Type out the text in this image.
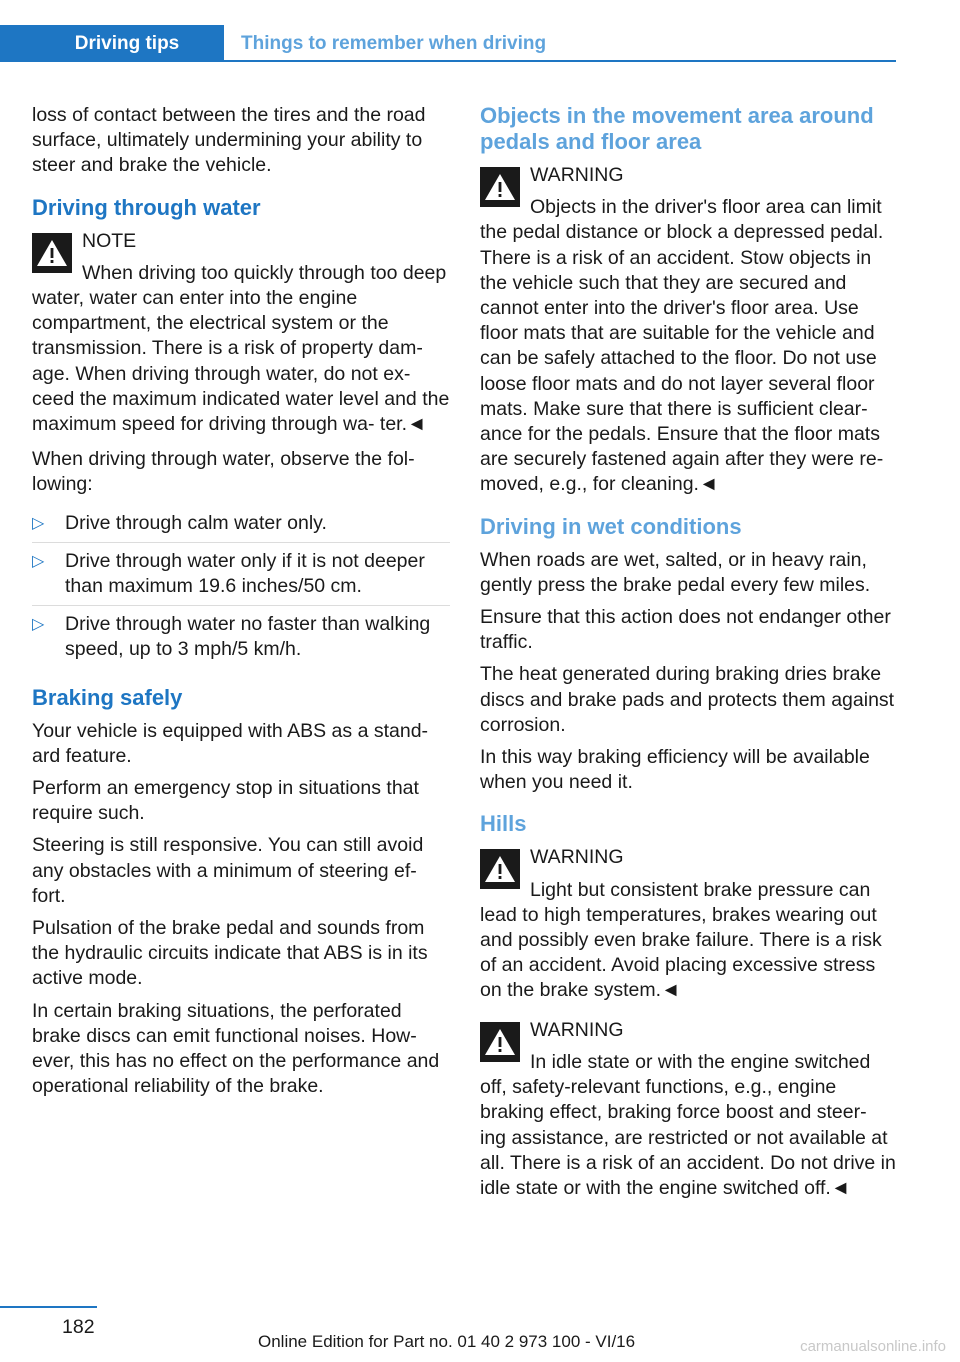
Driving tips	Things to remember when driving

loss of contact between the tires and the road surface, ultimately undermining your ability to steer and brake the vehicle.

Driving through water
NOTE
When driving too quickly through too deep water, water can enter into the engine compartment, the electrical system or the transmission. There is a risk of property dam‐ age. When driving through water, do not ex‐ ceed the maximum indicated water level and the maximum speed for driving through wa‐ ter.◄

When driving through water, observe the fol‐ lowing:

▷ Drive through calm water only.
▷ Drive through water only if it is not deeper than maximum 19.6 inches/50 cm.
▷ Drive through water no faster than walking speed, up to 3 mph/5 km/h.
Braking safely

Your vehicle is equipped with ABS as a stand‐ ard feature.

Perform an emergency stop in situations that require such.

Steering is still responsive. You can still avoid any obstacles with a minimum of steering ef‐ fort.

Pulsation of the brake pedal and sounds from the hydraulic circuits indicate that ABS is in its active mode.

In certain braking situations, the perforated brake discs can emit functional noises. How‐ ever, this has no effect on the performance and operational reliability of the brake.

Objects in the movement area around pedals and floor area
WARNING
Objects in the driver's floor area can limit the pedal distance or block a depressed pedal. There is a risk of an accident. Stow objects in the vehicle such that they are secured and cannot enter into the driver's floor area. Use floor mats that are suitable for the vehicle and can be safely attached to the floor. Do not use loose floor mats and do not layer several floor mats. Make sure that there is sufficient clear‐ ance for the pedals. Ensure that the floor mats are securely fastened again after they were re‐ moved, e.g., for cleaning.◄
Driving in wet conditions

When roads are wet, salted, or in heavy rain, gently press the brake pedal every few miles.

Ensure that this action does not endanger other traffic.

The heat generated during braking dries brake discs and brake pads and protects them against corrosion.

In this way braking efficiency will be available when you need it.

Hills
WARNING
Light but consistent brake pressure can lead to high temperatures, brakes wearing out and possibly even brake failure. There is a risk of an accident. Avoid placing excessive stress on the brake system.◄
WARNING
In idle state or with the engine switched off, safety-relevant functions, e.g., engine braking effect, braking force boost and steer‐ ing assistance, are restricted or not available at all. There is a risk of an accident. Do not drive in idle state or with the engine switched off.◄
182
Online Edition for Part no. 01 40 2 973 100 - VI/16	carmanualsonline.info
